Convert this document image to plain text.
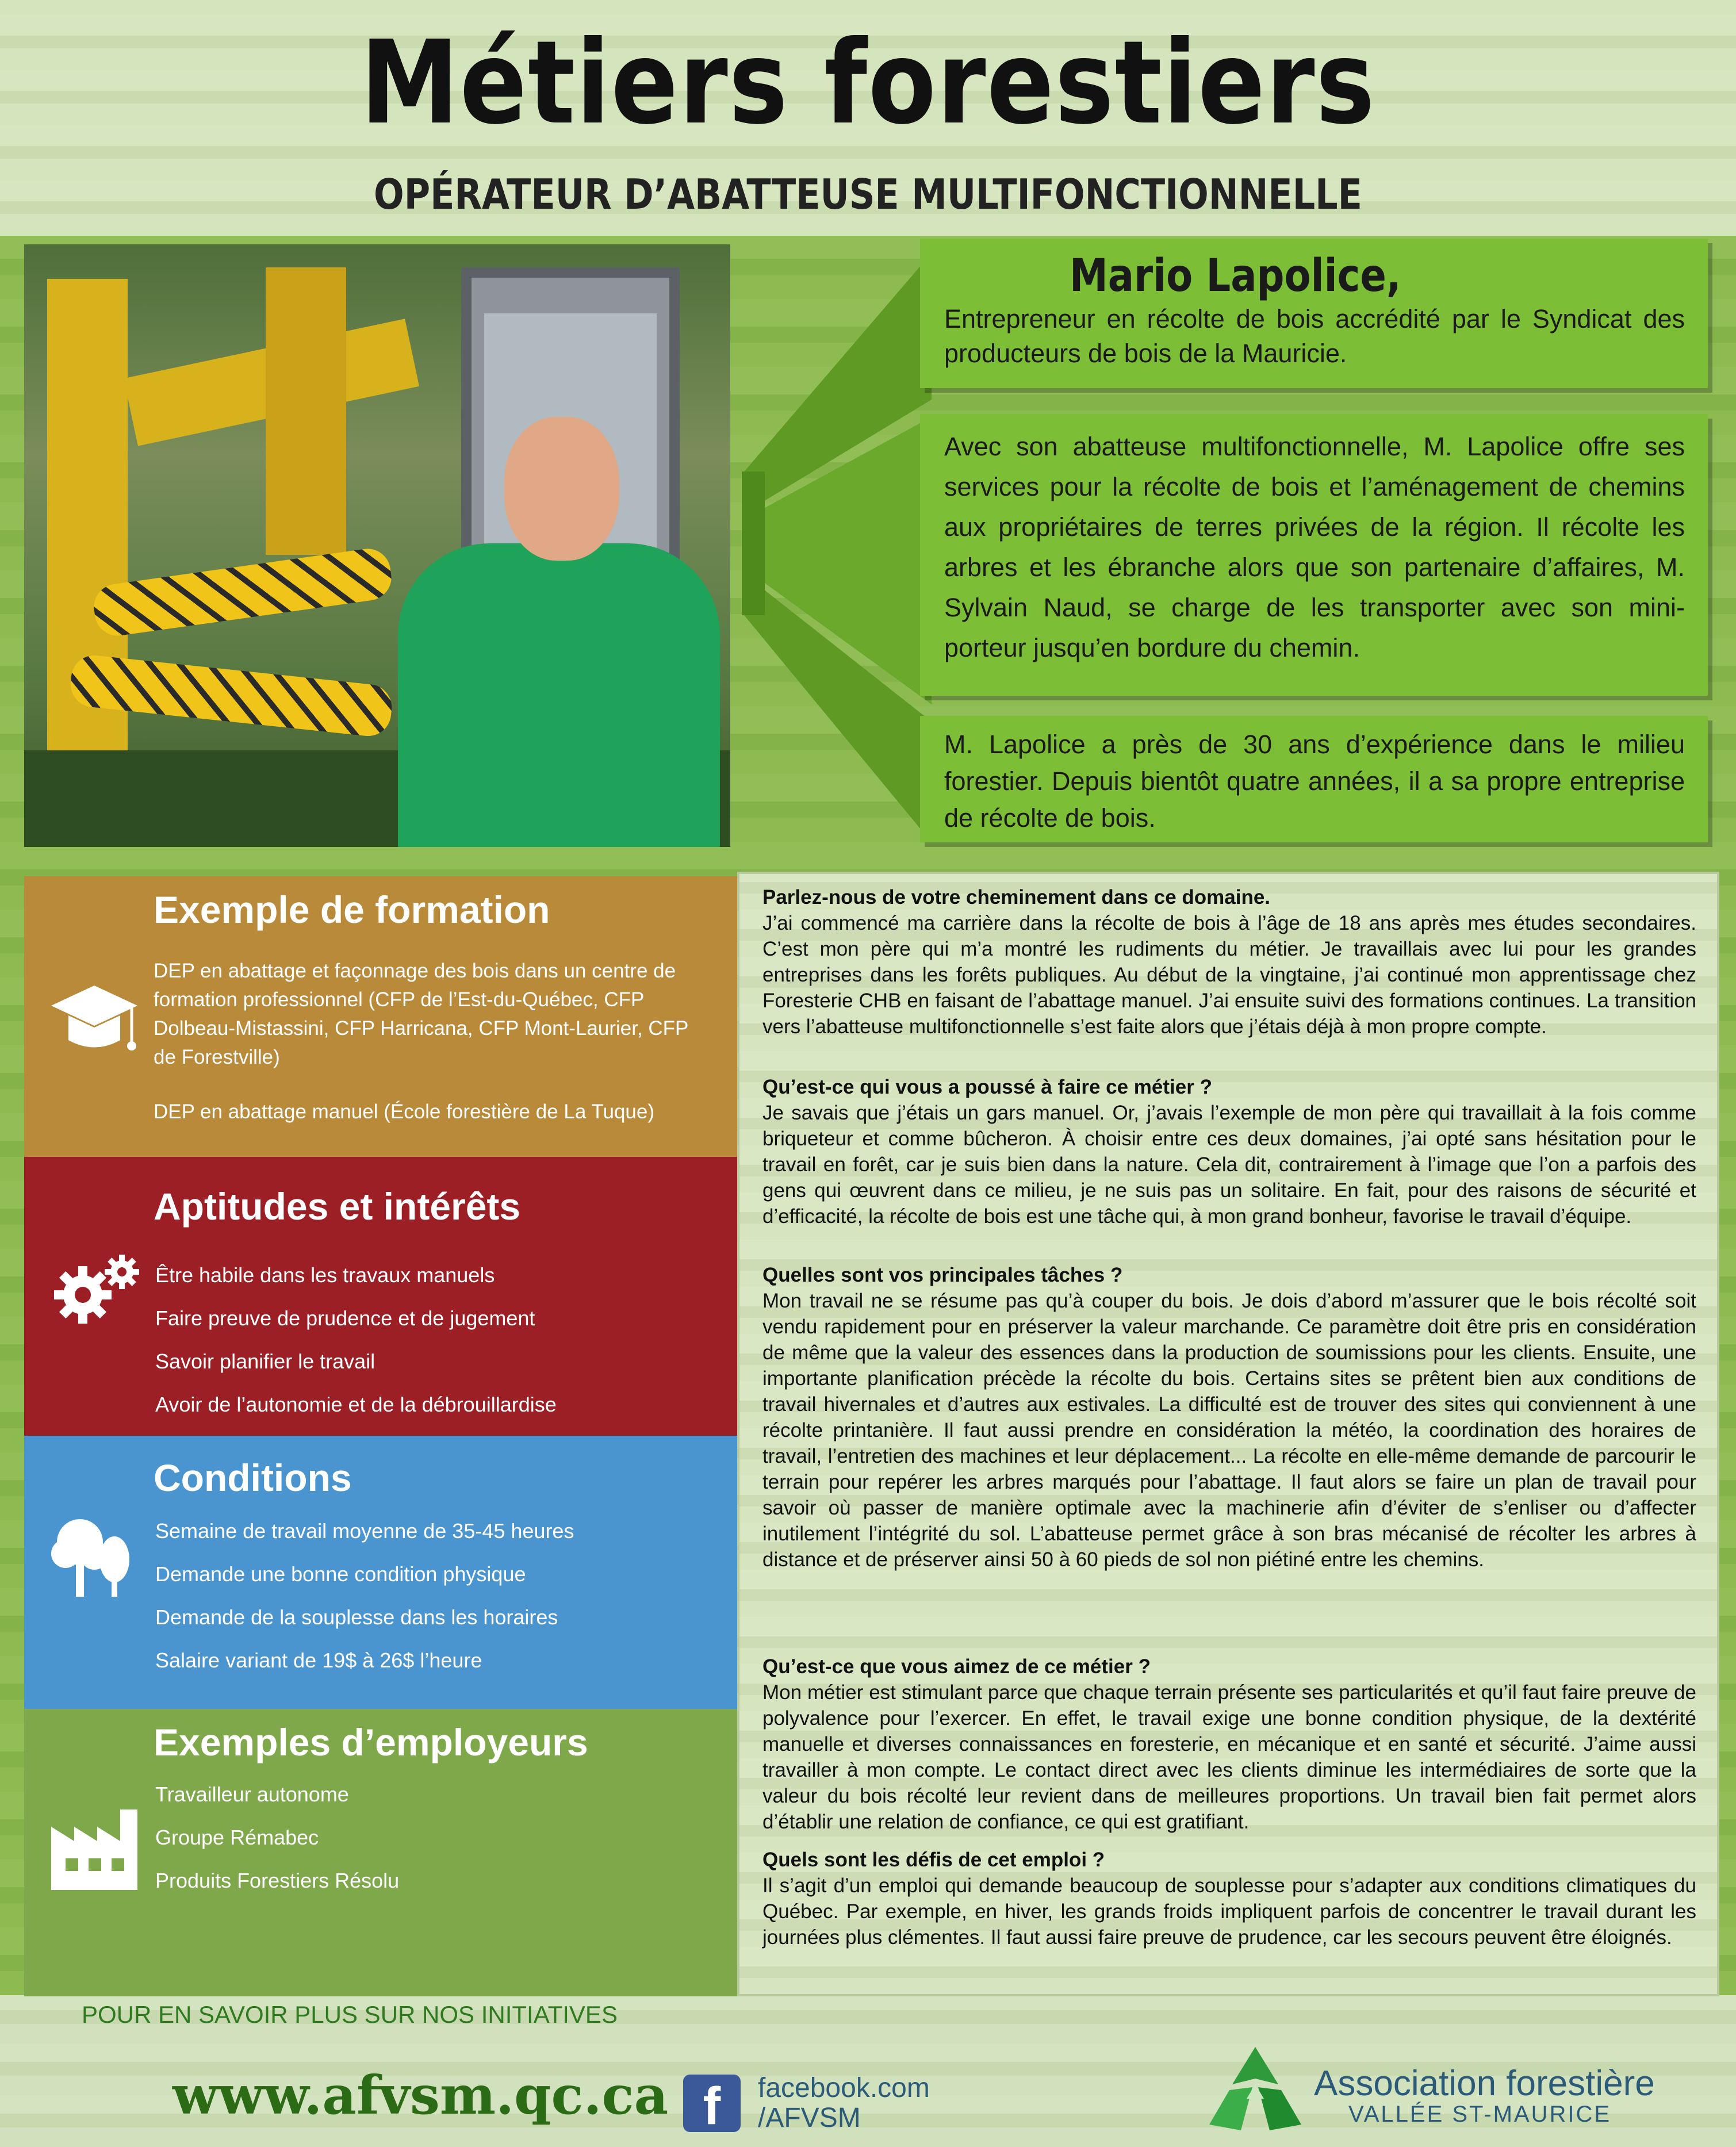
Métiers forestiers
OPÉRATEUR D’ABATTEUSE MULTIFONCTIONNELLE
Mario Lapolice,
Entrepreneur en récolte de bois accrédité par le Syndicat des producteurs de bois de la Mauricie.
Avec son abatteuse multifonctionnelle, M. Lapolice offre ses services pour la récolte de bois et l’aménagement de chemins aux propriétaires de terres privées de la région. Il récolte les arbres et les ébranche alors que son partenaire d’affaires, M. Sylvain Naud, se charge de les transporter avec son mini-porteur jusqu’en bordure du chemin.
M. Lapolice a près de 30 ans d’expérience dans le milieu forestier. Depuis bientôt quatre années, il a sa propre entreprise de récolte de bois.
Exemple de formation
DEP en abattage et façonnage des bois dans un centre de formation professionnel (CFP de l’Est-du-Québec, CFP Dolbeau-Mistassini, CFP Harricana, CFP Mont-Laurier, CFP de Forestville)
DEP en abattage manuel (École forestière de La Tuque)
Aptitudes et intérêts
Être habile dans les travaux manuels
Faire preuve de prudence et de jugement
Savoir planifier le travail
Avoir de l’autonomie et de la débrouillardise
Conditions
Semaine de travail moyenne de 35-45 heures
Demande une bonne condition physique
Demande de la souplesse dans les horaires
Salaire variant de 19$ à 26$ l’heure
Exemples d’employeurs
Travailleur autonome
Groupe Rémabec
Produits Forestiers Résolu
Parlez-nous de votre cheminement dans ce domaine.
J’ai commencé ma carrière dans la récolte de bois à l’âge de 18 ans après mes études secondaires. C’est mon père qui m’a montré les rudiments du métier. Je travaillais avec lui pour les grandes entreprises dans les forêts publiques. Au début de la vingtaine, j’ai continué mon apprentissage chez Foresterie CHB en faisant de l’abattage manuel. J’ai ensuite suivi des formations continues. La transition vers l’abatteuse multifonctionnelle s’est faite alors que j’étais déjà à mon propre compte.
Qu’est-ce qui vous a poussé à faire ce métier ?
Je savais que j’étais un gars manuel. Or, j’avais l’exemple de mon père qui travaillait à la fois comme briqueteur et comme bûcheron. À choisir entre ces deux domaines, j’ai opté sans hésitation pour le travail en forêt, car je suis bien dans la nature. Cela dit, contrairement à l’image que l’on a parfois des gens qui œuvrent dans ce milieu, je ne suis pas un solitaire. En fait, pour des raisons de sécurité et d’efficacité, la récolte de bois est une tâche qui, à mon grand bonheur, favorise le travail d’équipe.
Quelles sont vos principales tâches ?
Mon travail ne se résume pas qu’à couper du bois. Je dois d’abord m’assurer que le bois récolté soit vendu rapidement pour en préserver la valeur marchande. Ce paramètre doit être pris en considération de même que la valeur des essences dans la production de soumissions pour les clients. Ensuite, une importante planification précède la récolte du bois. Certains sites se prêtent bien aux conditions de travail hivernales et d’autres aux estivales. La difficulté est de trouver des sites qui conviennent à une récolte printanière. Il faut aussi prendre en considération la météo, la coordination des horaires de travail, l’entretien des machines et leur déplacement... La récolte en elle-même demande de parcourir le terrain pour repérer les arbres marqués pour l’abattage. Il faut alors se faire un plan de travail pour savoir où passer de manière optimale avec la machinerie afin d’éviter de s’enliser ou d’affecter inutilement l’intégrité du sol. L’abatteuse permet grâce à son bras mécanisé de récolter les arbres à distance et de préserver ainsi 50 à 60 pieds de sol non piétiné entre les chemins.
Qu’est-ce que vous aimez de ce métier ?
Mon métier est stimulant parce que chaque terrain présente ses particularités et qu’il faut faire preuve de polyvalence pour l’exercer. En effet, le travail exige une bonne condition physique, de la dextérité manuelle et diverses connaissances en foresterie, en mécanique et en santé et sécurité. J’aime aussi travailler à mon compte. Le contact direct avec les clients diminue les intermédiaires de sorte que la valeur du bois récolté leur revient dans de meilleures proportions. Un travail bien fait permet alors d’établir une relation de confiance, ce qui est gratifiant.
Quels sont les défis de cet emploi ?
Il s’agit d’un emploi qui demande beaucoup de souplesse pour s’adapter aux conditions climatiques du Québec. Par exemple, en hiver, les grands froids impliquent parfois de concentrer le travail durant les journées plus clémentes. Il faut aussi faire preuve de prudence, car les secours peuvent être éloignés.
POUR EN SAVOIR PLUS SUR NOS INITIATIVES
www.afvsm.qc.ca f	facebook.com
/AFVSM
Association forestière
VALLÉE ST-MAURICE
